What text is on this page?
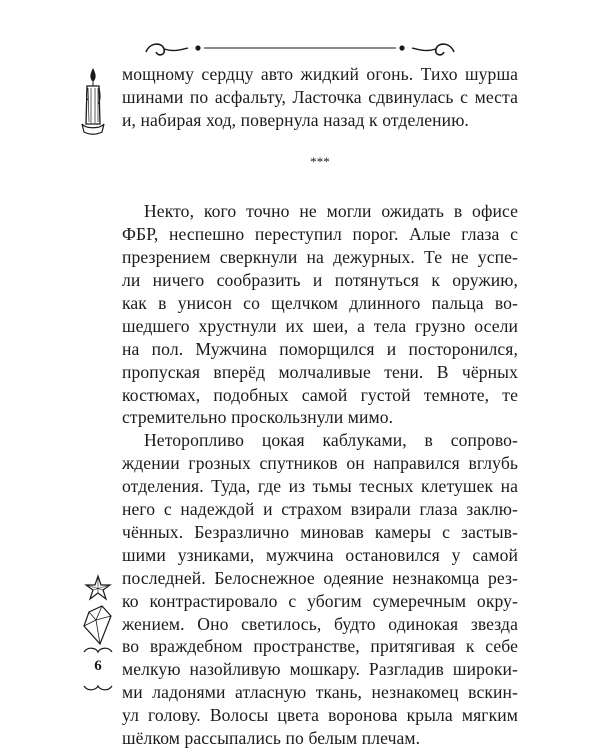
мощному сердцу авто жидкий огонь. Тихо шурша
шинами по асфальту, Ласточка сдвинулась с места
и, набирая ход, повернула назад к отделению.
***
Некто, кого точно не могли ожидать в офисе
ФБР, неспешно переступил порог. Алые глаза с
презрением сверкнули на дежурных. Те не успе-
ли ничего сообразить и потянуться к оружию,
как в унисон со щелчком длинного пальца во-
шедшего хрустнули их шеи, а тела грузно осели
на пол. Мужчина поморщился и посторонился,
пропуская вперёд молчаливые тени. В чёрных
костюмах, подобных самой густой темноте, те
стремительно проскользнули мимо.
Неторопливо цокая каблуками, в сопрово-
ждении грозных спутников он направился вглубь
отделения. Туда, где из тьмы тесных клетушек на
него с надеждой и страхом взирали глаза заклю-
чённых. Безразлично миновав камеры с застыв-
шими узниками, мужчина остановился у самой
последней. Белоснежное одеяние незнакомца рез-
ко контрастировало с убогим сумеречным окру-
жением. Оно светилось, будто одинокая звезда
во враждебном пространстве, притягивая к себе
мелкую назойливую мошкару. Разгладив широки-
ми ладонями атласную ткань, незнакомец вскин-
ул голову. Волосы цвета воронова крыла мягким
шёлком рассыпались по белым плечам.
6
